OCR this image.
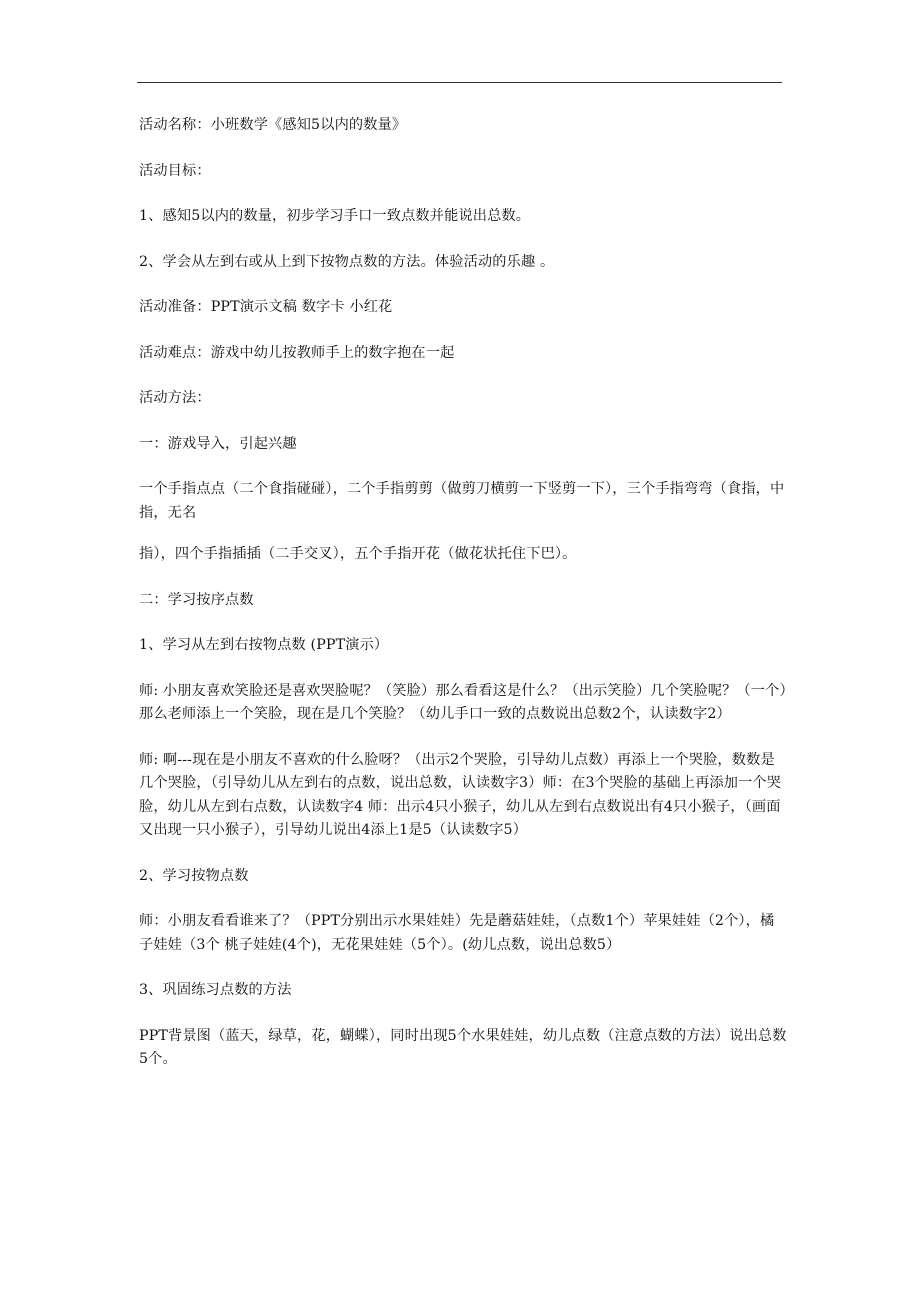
活动名称：小班数学《感知5以内的数量》

活动目标：

1、感知5以内的数量，初步学习手口一致点数并能说出总数。

2、学会从左到右或从上到下按物点数的方法。体验活动的乐趣 。

活动准备：PPT演示文稿 数字卡 小红花

活动难点：游戏中幼儿按教师手上的数字抱在一起

活动方法：

一：游戏导入，引起兴趣

一个手指点点（二个食指碰碰），二个手指剪剪（做剪刀横剪一下竖剪一下），三个手指弯弯（食指，中指，无名

指），四个手指插插（二手交叉），五个手指开花（做花状托住下巴）。

二：学习按序点数

1、学习从左到右按物点数 (PPT演示）

师: 小朋友喜欢笑脸还是喜欢哭脸呢？（笑脸）那么看看这是什么？（出示笑脸）几个笑脸呢？（一个）那么老师添上一个笑脸，现在是几个笑脸？（幼儿手口一致的点数说出总数2个，认读数字2）

师: 啊---现在是小朋友不喜欢的什么脸呀？（出示2个哭脸，引导幼儿点数）再添上一个哭脸，数数是几个哭脸，（引导幼儿从左到右的点数，说出总数，认读数字3）师：在3个哭脸的基础上再添加一个哭脸，幼儿从左到右点数，认读数字4 师：出示4只小猴子，幼儿从左到右点数说出有4只小猴子，（画面又出现一只小猴子），引导幼儿说出4添上1是5（认读数字5）

2、学习按物点数

师：小朋友看看谁来了？（PPT分别出示水果娃娃）先是蘑菇娃娃，（点数1个）苹果娃娃（2个），橘子娃娃（3个 桃子娃娃(4个)，无花果娃娃（5个）。(幼儿点数，说出总数5）

3、巩固练习点数的方法

PPT背景图（蓝天，绿草，花，蝴蝶），同时出现5个水果娃娃，幼儿点数（注意点数的方法）说出总数5个。
